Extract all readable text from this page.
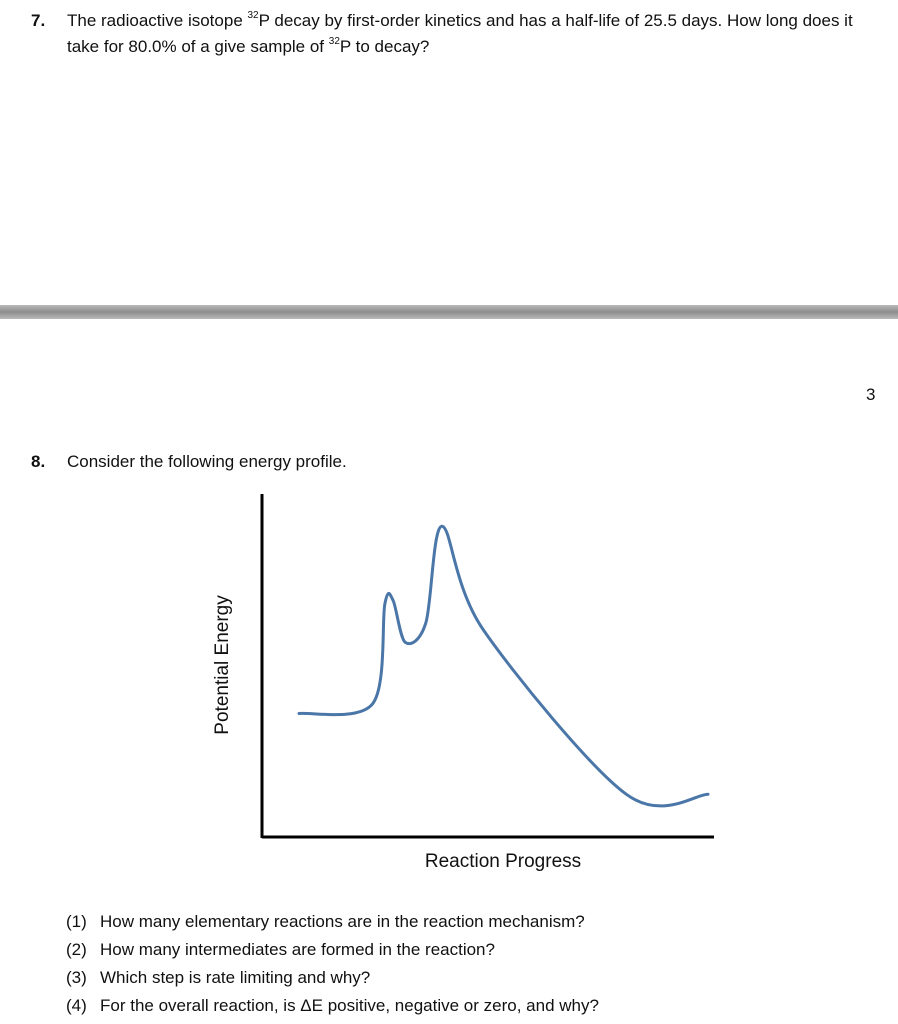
7. The radioactive isotope $^{32}$P decay by first-order kinetics and has a half-life of 25.5 days. How long does it take for 80.0% of a give sample of $^{32}$P to decay?
3
8. Consider the following energy profile.
Reaction Progress
Potential Energy
(1) How many elementary reactions are in the reaction mechanism?
(2) How many intermediates are formed in the reaction?
(3) Which step is rate limiting and why?
(4) For the overall reaction, is ΔE positive, negative or zero, and why?
